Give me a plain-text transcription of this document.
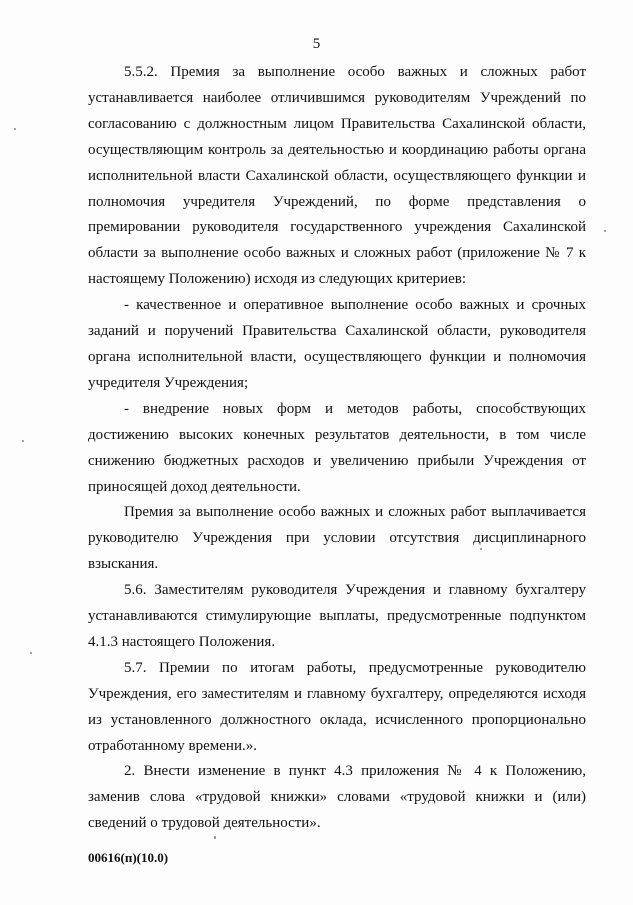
5

5.5.2. Премия за выполнение особо важных и сложных работ устанавливается наиболее отличившимся руководителям Учреждений по согласованию с должностным лицом Правительства Сахалинской области, осуществляющим контроль за деятельностью и координацию работы органа исполнительной власти Сахалинской области, осуществляющего функции и полномочия учредителя Учреждений, по форме представления о премировании руководителя государственного учреждения Сахалинской области за выполнение особо важных и сложных работ (приложение № 7 к настоящему Положению) исходя из следующих критериев:

- качественное и оперативное выполнение особо важных и срочных заданий и поручений Правительства Сахалинской области, руководителя органа исполнительной власти, осуществляющего функции и полномочия учредителя Учреждения;

- внедрение новых форм и методов работы, способствующих достижению высоких конечных результатов деятельности, в том числе снижению бюджетных расходов и увеличению прибыли Учреждения от приносящей доход деятельности.

Премия за выполнение особо важных и сложных работ выплачивается руководителю Учреждения при условии отсутствия дисциплинарного взыскания.

5.6. Заместителям руководителя Учреждения и главному бухгалтеру устанавливаются стимулирующие выплаты, предусмотренные подпунктом 4.1.3 настоящего Положения.

5.7. Премии по итогам работы, предусмотренные руководителю Учреждения, его заместителям и главному бухгалтеру, определяются исходя из установленного должностного оклада, исчисленного пропорционально отработанному времени.».

2. Внести изменение в пункт 4.3 приложения № 4 к Положению, заменив слова «трудовой книжки» словами «трудовой книжки и (или) сведений о трудовой деятельности».

00616(п)(10.0)
